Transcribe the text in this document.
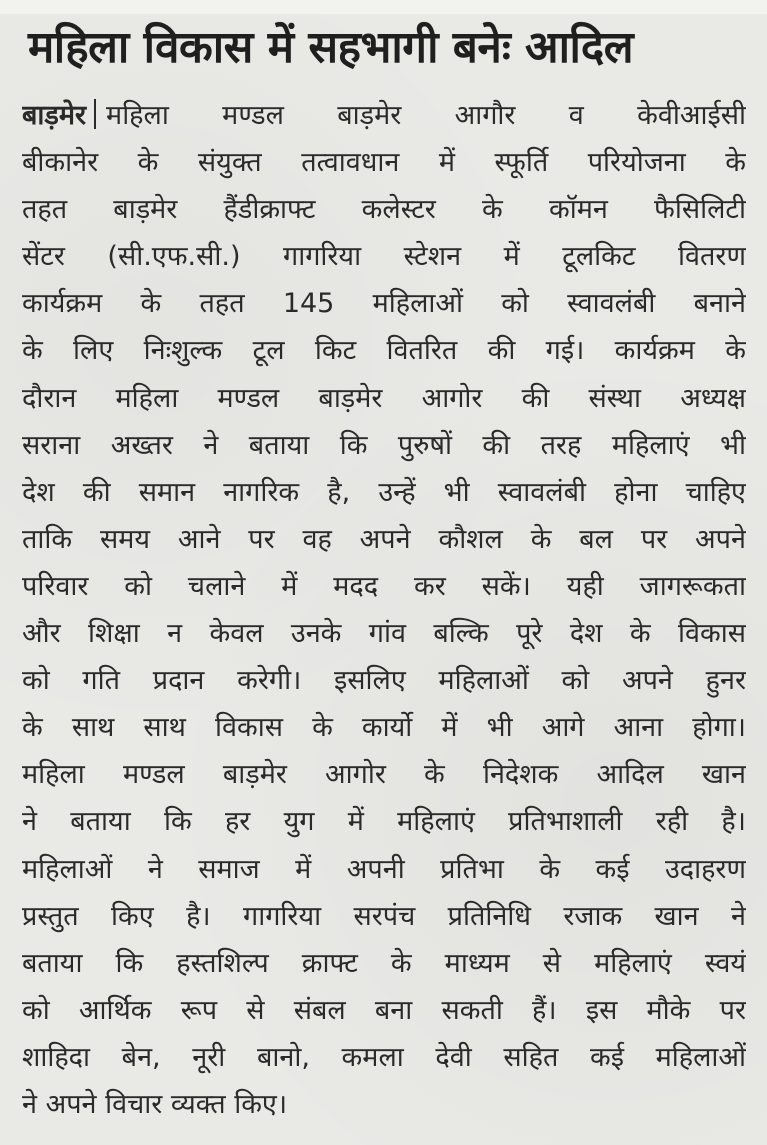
महिला विकास में सहभागी बनेः आदिल
बाड़मेर महिला मण्डल बाड़मेर आगौर व केवीआईसी
बीकानेर के संयुक्त तत्वावधान में स्फूर्ति परियोजना के
तहत बाड़मेर हैंडीक्राफ्ट कलेस्टर के कॉमन फैसिलिटी
सेंटर (सी.एफ.सी.) गागरिया स्टेशन में टूलकिट वितरण
कार्यक्रम के तहत 145 महिलाओं को स्वावलंबी बनाने
के लिए निःशुल्क टूल किट वितरित की गई। कार्यक्रम के
दौरान महिला मण्डल बाड़मेर आगोर की संस्था अध्यक्ष
सराना अख्तर ने बताया कि पुरुषों की तरह महिलाएं भी
देश की समान नागरिक है, उन्हें भी स्वावलंबी होना चाहिए
ताकि समय आने पर वह अपने कौशल के बल पर अपने
परिवार को चलाने में मदद कर सकें। यही जागरूकता
और शिक्षा न केवल उनके गांव बल्कि पूरे देश के विकास
को गति प्रदान करेगी। इसलिए महिलाओं को अपने हुनर
के साथ साथ विकास के कार्यो में भी आगे आना होगा।
महिला मण्डल बाड़मेर आगोर के निदेशक आदिल खान
ने बताया कि हर युग में महिलाएं प्रतिभाशाली रही है।
महिलाओं ने समाज में अपनी प्रतिभा के कई उदाहरण
प्रस्तुत किए है। गागरिया सरपंच प्रतिनिधि रजाक खान ने
बताया कि हस्तशिल्प क्राफ्ट के माध्यम से महिलाएं स्वयं
को आर्थिक रूप से संबल बना सकती हैं। इस मौके पर
शाहिदा बेन, नूरी बानो, कमला देवी सहित कई महिलाओं
ने अपने विचार व्यक्त किए।
